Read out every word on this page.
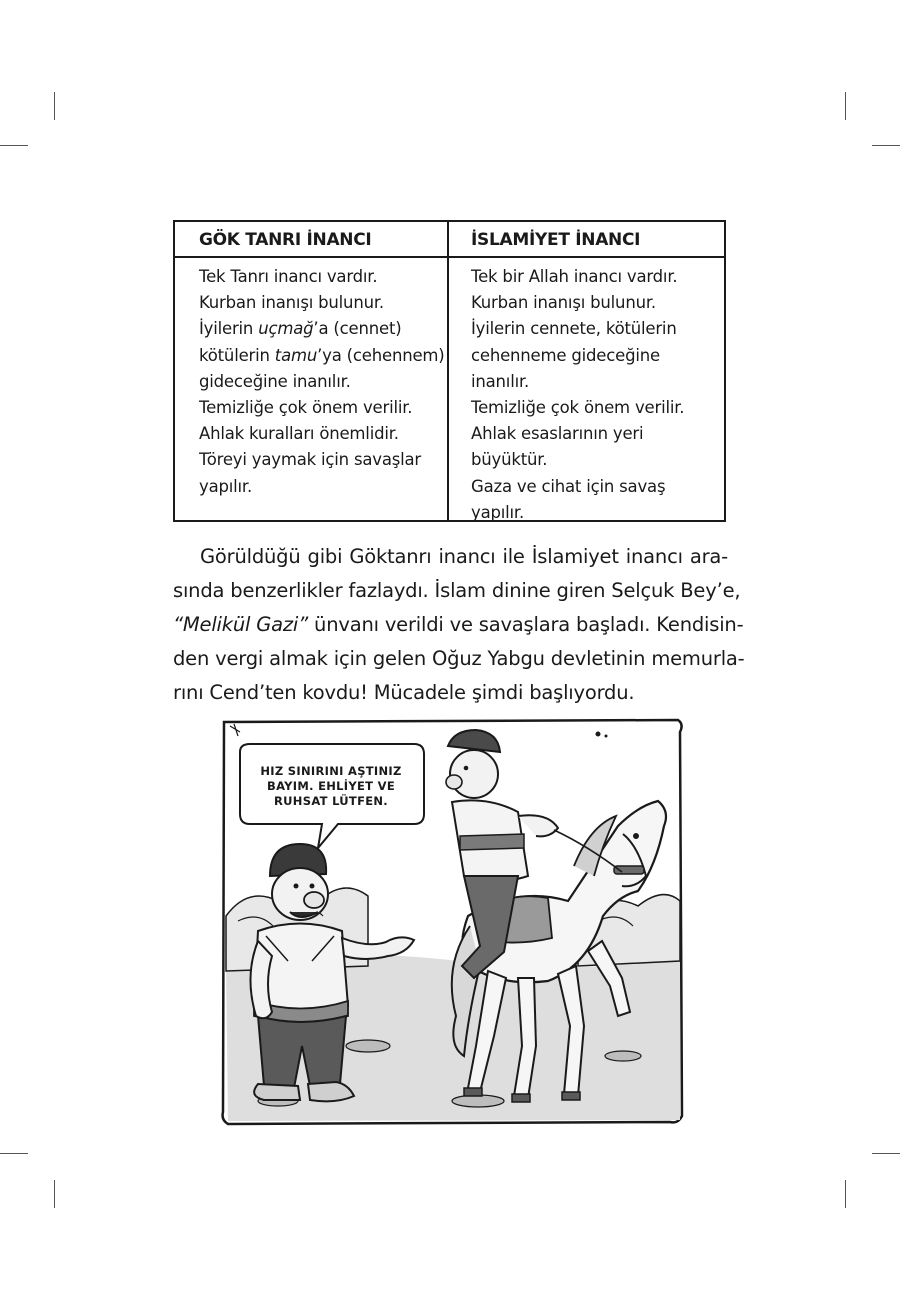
GÖK TANRI İNANCI	İSLAMİYET İNANCI
Tek Tanrı inancı vardır.
Kurban inanışı bulunur.
İyilerin uçmağ’a (cennet)
kötülerin tamu’ya (cehennem)
gideceğine inanılır.
Temizliğe çok önem verilir.
Ahlak kuralları önemlidir.
Töreyi yaymak için savaşlar
yapılır.
Tek bir Allah inancı vardır.
Kurban inanışı bulunur.
İyilerin cennete, kötülerin
cehenneme gideceğine
inanılır.
Temizliğe çok önem verilir.
Ahlak esaslarının yeri
büyüktür.
Gaza ve cihat için savaş
yapılır.
Görüldüğü gibi Göktanrı inancı ile İslamiyet inancı ara-
sında benzerlikler fazlaydı. İslam dinine giren Selçuk Bey’e,
“Melikül Gazi” ünvanı verildi ve savaşlara başladı. Kendisin-
den vergi almak için gelen Oğuz Yabgu devletinin memurla-
rını Cend’ten kovdu! Mücadele şimdi başlıyordu.
HIZ SINIRINI AŞTINIZ
BAYIM. EHLİYET VE
RUHSAT LÜTFEN.
